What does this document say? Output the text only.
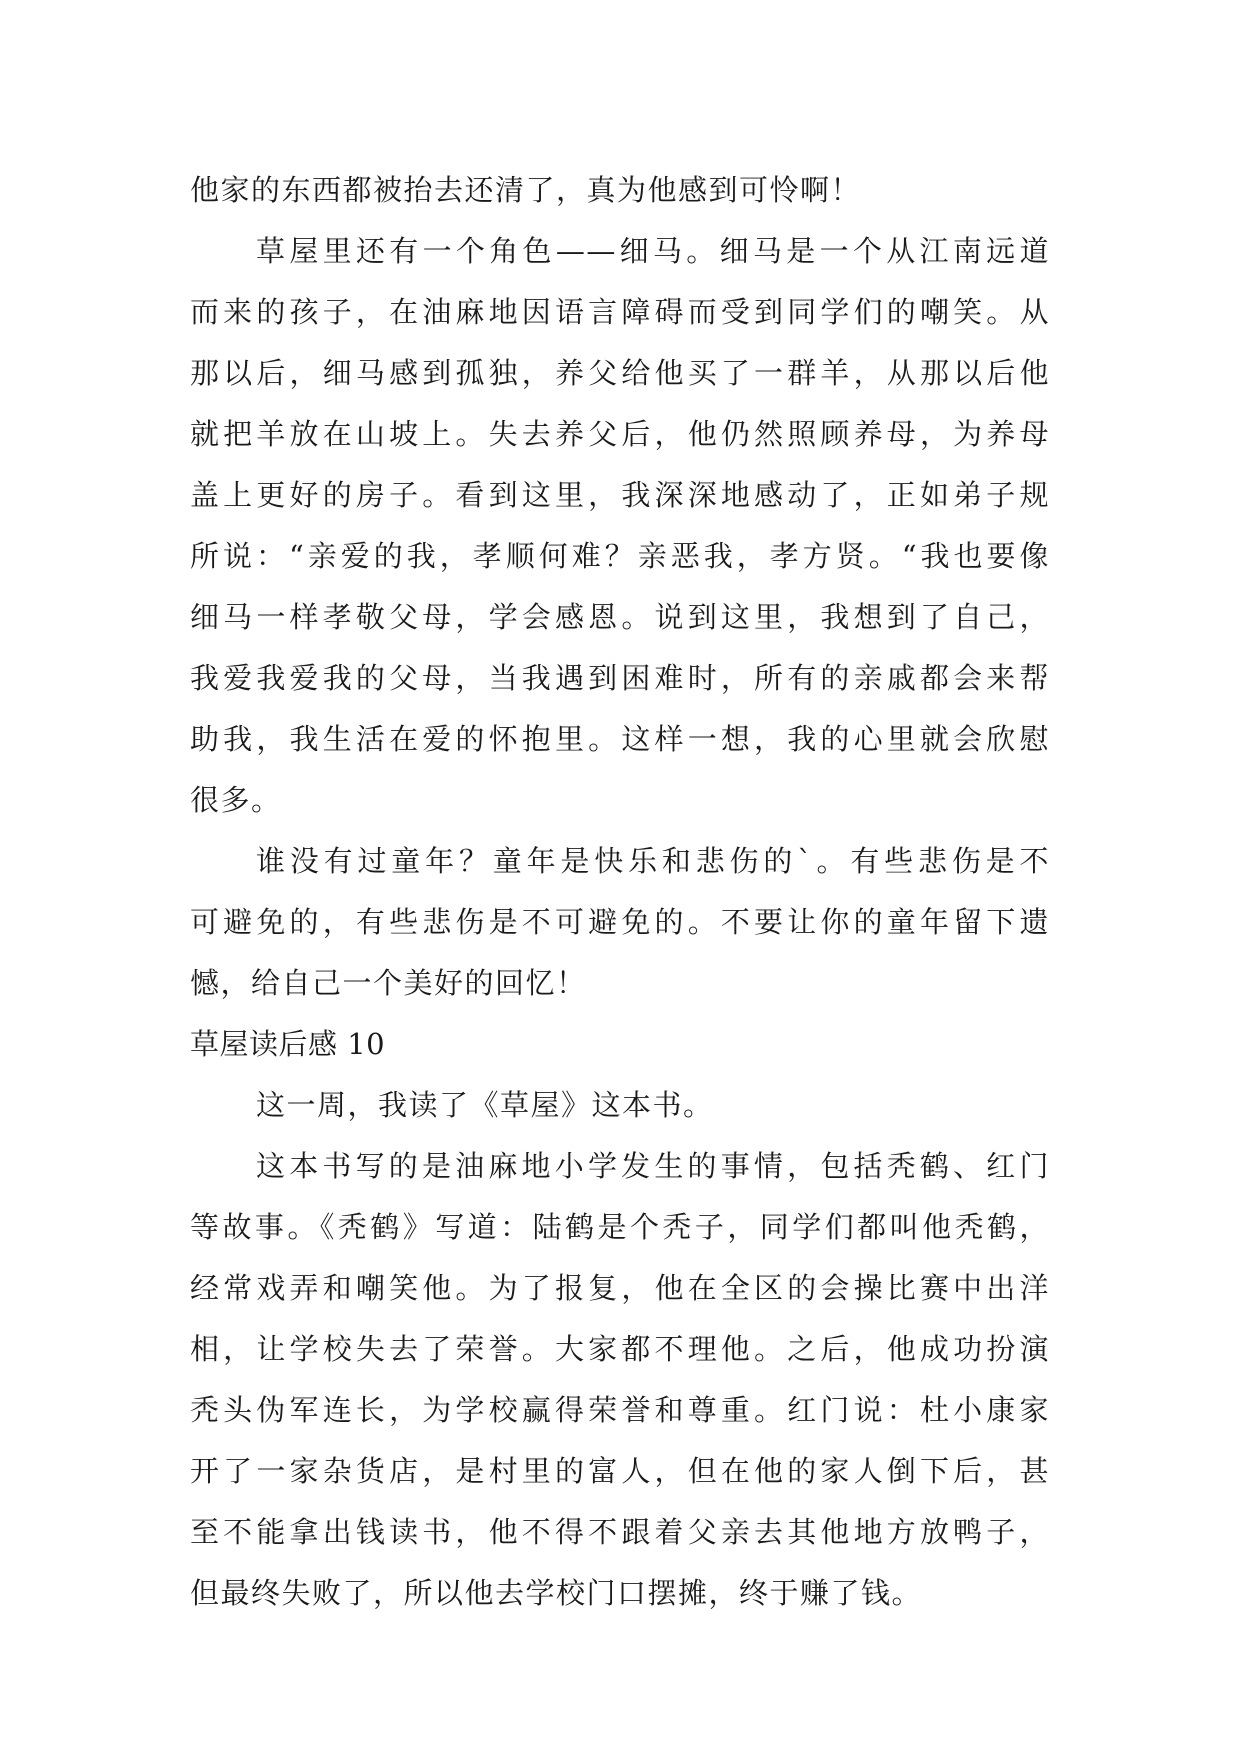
他家的东西都被抬去还清了，真为他感到可怜啊！
草屋里还有一个角色——细马。细马是一个从江南远道
而来的孩子，在油麻地因语言障碍而受到同学们的嘲笑。从
那以后，细马感到孤独，养父给他买了一群羊，从那以后他
就把羊放在山坡上。失去养父后，他仍然照顾养母，为养母
盖上更好的房子。看到这里，我深深地感动了，正如弟子规
所说：“亲爱的我，孝顺何难？亲恶我，孝方贤。“我也要像
细马一样孝敬父母，学会感恩。说到这里，我想到了自己，
我爱我爱我的父母，当我遇到困难时，所有的亲戚都会来帮
助我，我生活在爱的怀抱里。这样一想，我的心里就会欣慰
很多。
谁没有过童年？童年是快乐和悲伤的`。有些悲伤是不
可避免的，有些悲伤是不可避免的。不要让你的童年留下遗
憾，给自己一个美好的回忆！
草屋读后感 10
这一周，我读了《草屋》这本书。
这本书写的是油麻地小学发生的事情，包括秃鹤、红门
等故事。《秃鹤》写道：陆鹤是个秃子，同学们都叫他秃鹤，
经常戏弄和嘲笑他。为了报复，他在全区的会操比赛中出洋
相，让学校失去了荣誉。大家都不理他。之后，他成功扮演
秃头伪军连长，为学校赢得荣誉和尊重。红门说：杜小康家
开了一家杂货店，是村里的富人，但在他的家人倒下后，甚
至不能拿出钱读书，他不得不跟着父亲去其他地方放鸭子，
但最终失败了，所以他去学校门口摆摊，终于赚了钱。
